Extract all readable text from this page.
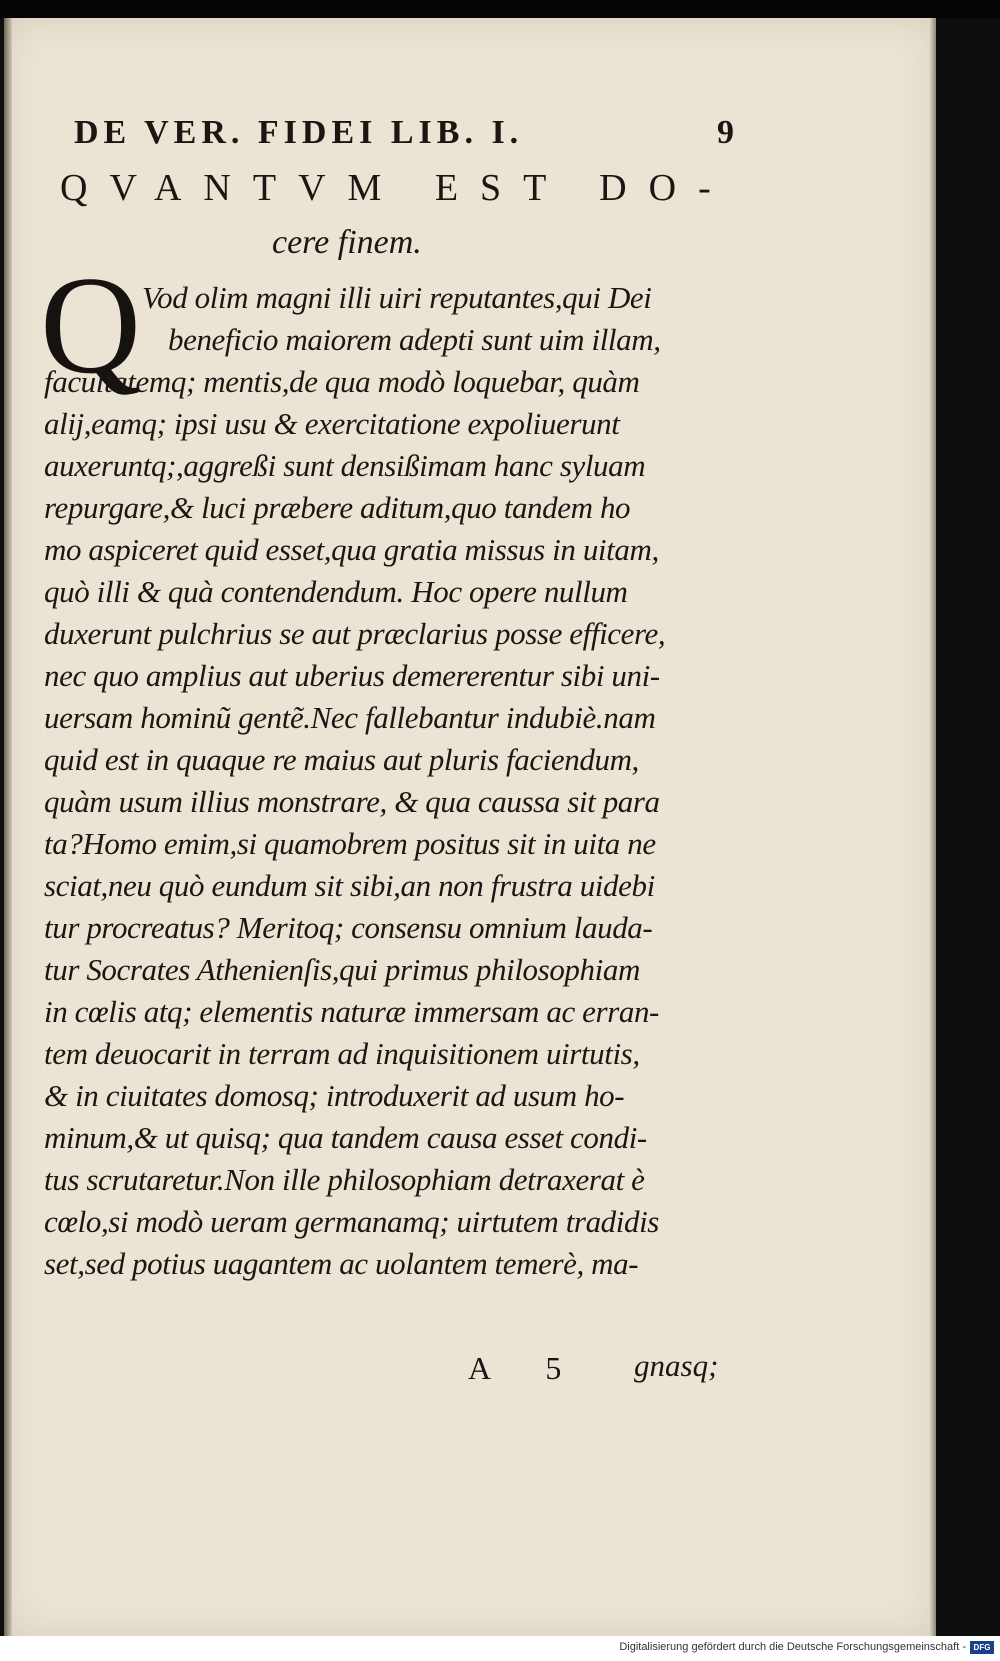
DE VER. FIDEI LIB. I.	9
QVANTVM EST DO-
cere finem.
Q Vod olim magni illi uiri reputantes,qui Dei
beneficio maiorem adepti sunt uim illam,
facultatemq; mentis,de qua modò loquebar, quàm
alij,eamq; ipsi usu & exercitatione expoliuerunt
auxeruntq;,aggreßi sunt densißimam hanc syluam
repurgare,& luci præbere aditum,quo tandem ho
mo aspiceret quid esset,qua gratia missus in uitam,
quò illi & quà contendendum. Hoc opere nullum
duxerunt pulchrius se aut præclarius posse efficere,
nec quo amplius aut uberius demererentur sibi uni-
uersam hominũ gentẽ.Nec fallebantur indubiè.nam
quid est in quaque re maius aut pluris faciendum,
quàm usum illius monstrare, & qua caussa sit para
ta?Homo emim,si quamobrem positus sit in uita ne
sciat,neu quò eundum sit sibi,an non frustra uidebi
tur procreatus? Meritoq; consensu omnium lauda-
tur Socrates Athenienſis,qui primus philosophiam
in cœlis atq; elementis naturæ immersam ac erran-
tem deuocarit in terram ad inquisitionem uirtutis,
& in ciuitates domosq; introduxerit ad usum ho-
minum,& ut quisq; qua tandem causa esset condi-
tus scrutaretur.Non ille philosophiam detraxerat è
cœlo,si modò ueram germanamq; uirtutem tradidis
set,sed potius uagantem ac uolantem temerè, ma-
A 5 gnasq;
Digitalisierung gefördert durch die Deutsche Forschungsgemeinschaft - DFG
